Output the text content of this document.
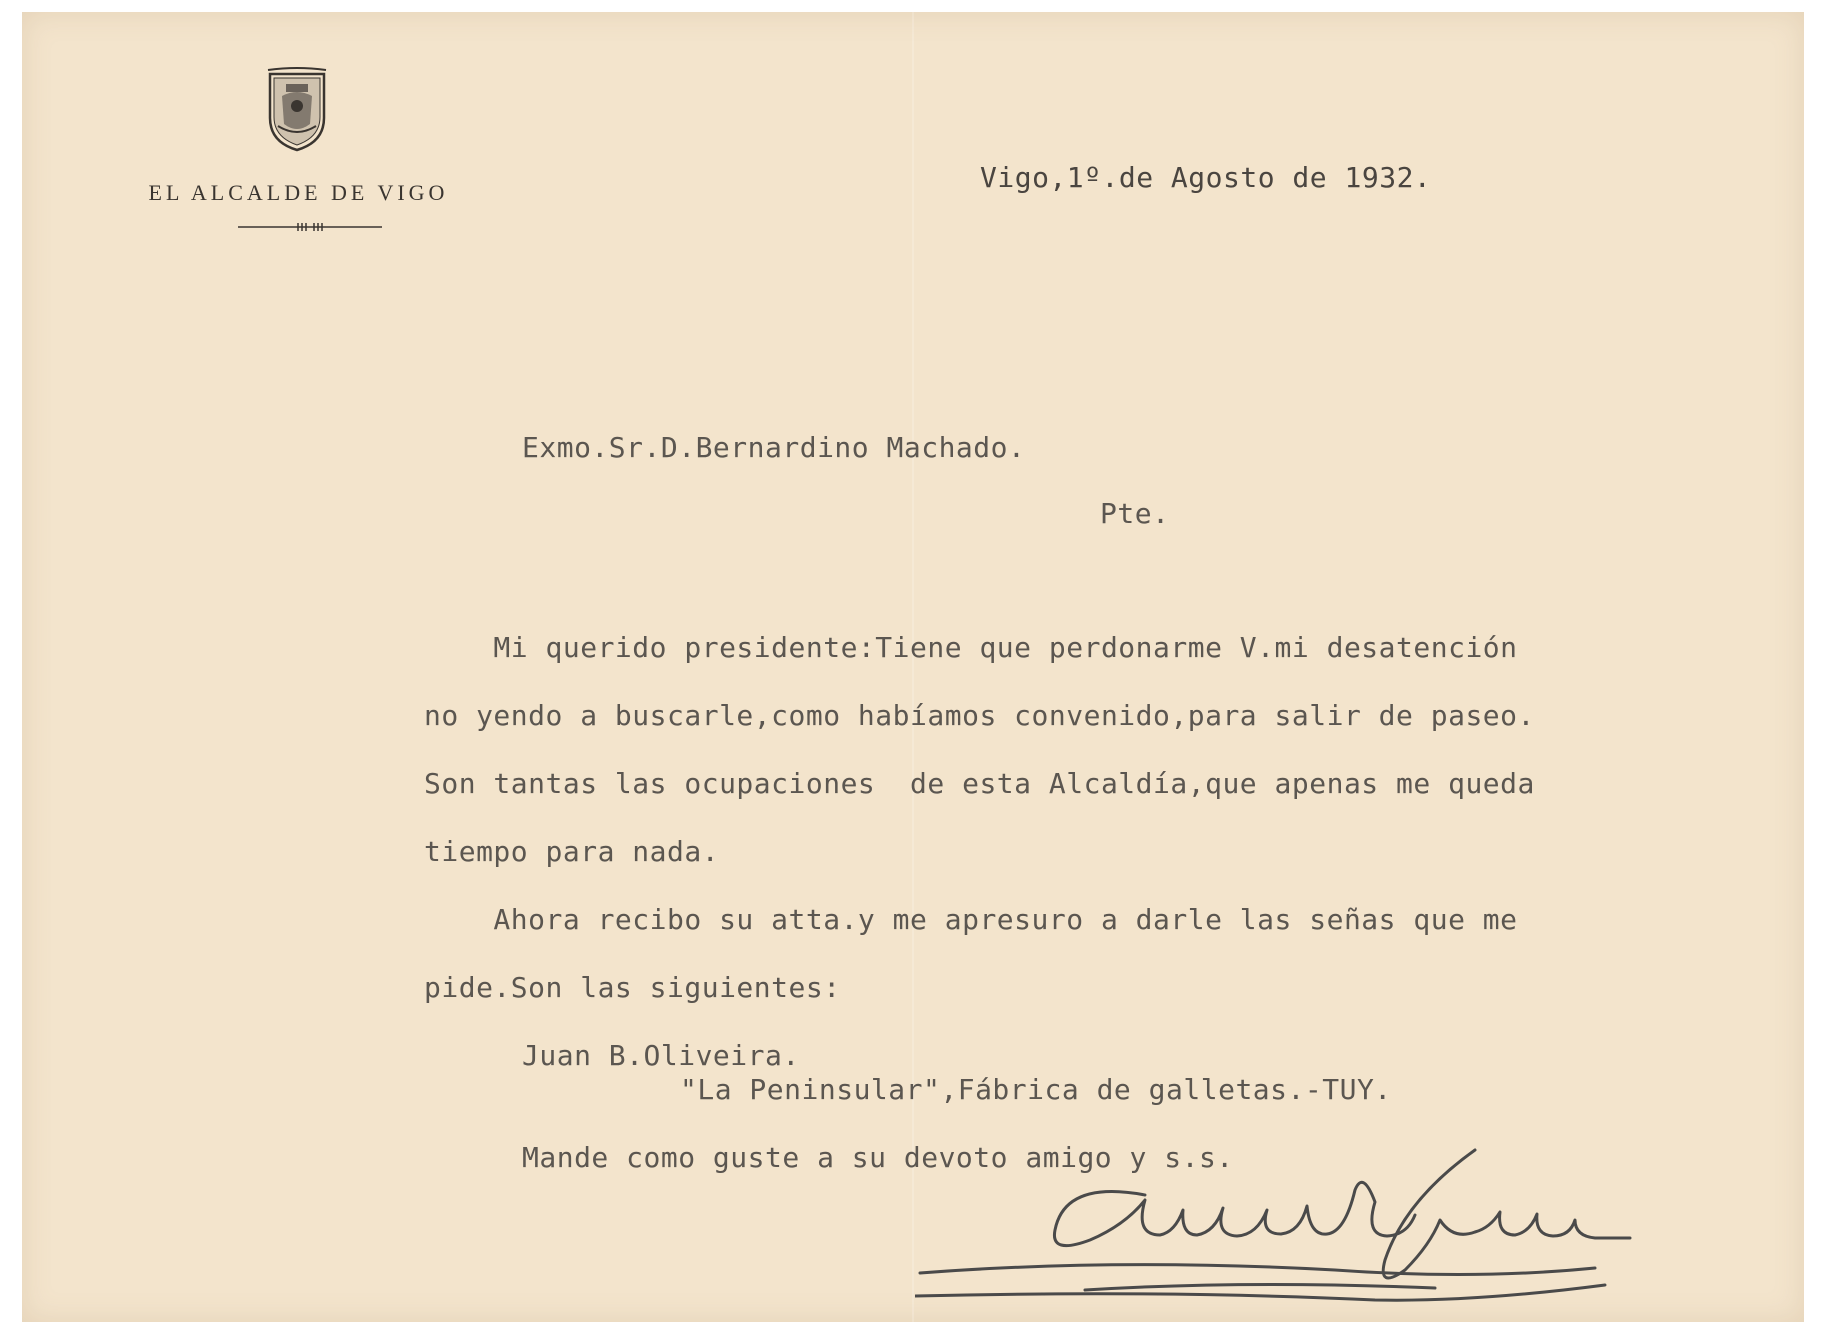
EL ALCALDE DE VIGO	Vigo,1º.de Agosto de 1932.
Exmo.Sr.D.Bernardino Machado.
Pte.
Mi querido presidente:Tiene que perdonarme V.mi desatención
no yendo a buscarle,como habíamos convenido,para salir de paseo.
Son tantas las ocupaciones  de esta Alcaldía,que apenas me queda
tiempo para nada.
Ahora recibo su atta.y me apresuro a darle las señas que me
pide.Son las siguientes:
Juan B.Oliveira.
"La Peninsular",Fábrica de galletas.-TUY.
Mande como guste a su devoto amigo y s.s.
